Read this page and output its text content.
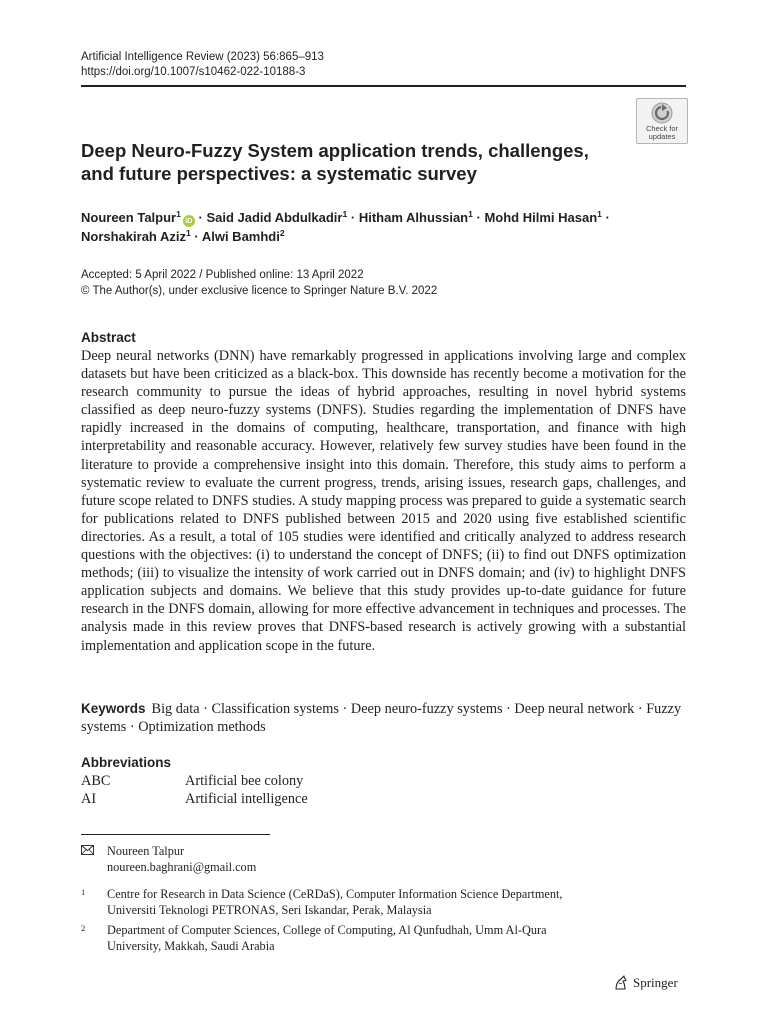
Artificial Intelligence Review (2023) 56:865–913
https://doi.org/10.1007/s10462-022-10188-3
Check for
updates
Deep Neuro-Fuzzy System application trends, challenges, and future perspectives: a systematic survey
Noureen Talpur$^1$iD · Said Jadid Abdulkadir$^1$ · Hitham Alhussian$^1$ · Mohd Hilmi Hasan$^1$ ·
Norshakirah Aziz$^1$ · Alwi Bamhdi$^2$
Accepted: 5 April 2022 / Published online: 13 April 2022
© The Author(s), under exclusive licence to Springer Nature B.V. 2022
Abstract
Deep neural networks (DNN) have remarkably progressed in applications involving large and complex datasets but have been criticized as a black-box. This downside has recently become a motivation for the research community to pursue the ideas of hybrid approaches, resulting in novel hybrid systems classified as deep neuro-fuzzy systems (DNFS). Studies regarding the implementation of DNFS have rapidly increased in the domains of computing, healthcare, transportation, and finance with high interpretability and reasonable accuracy. However, relatively few survey studies have been found in the literature to provide a comprehensive insight into this domain. Therefore, this study aims to perform a systematic review to evaluate the current progress, trends, arising issues, research gaps, challenges, and future scope related to DNFS studies. A study mapping process was prepared to guide a systematic search for publications related to DNFS published between 2015 and 2020 using five established scientific directories. As a result, a total of 105 studies were identified and critically analyzed to address research questions with the objectives: (i) to understand the concept of DNFS; (ii) to find out DNFS optimization methods; (iii) to visualize the intensity of work carried out in DNFS domain; and (iv) to highlight DNFS application subjects and domains. We believe that this study provides up-to-date guidance for future research in the DNFS domain, allowing for more effective advancement in techniques and processes. The analysis made in this review proves that DNFS-based research is actively growing with a substantial implementation and application scope in the future.
Keywords Big data · Classification systems · Deep neuro-fuzzy systems · Deep neural network · Fuzzy systems · Optimization methods
Abbreviations
ABC	Artificial bee colony
AI	Artificial intelligence
Noureen Talpur
noureen.baghrani@gmail.com
1 Centre for Research in Data Science (CeRDaS), Computer Information Science Department,
Universiti Teknologi PETRONAS, Seri Iskandar, Perak, Malaysia
2 Department of Computer Sciences, College of Computing, Al Qunfudhah, Umm Al-Qura
University, Makkah, Saudi Arabia
Springer
